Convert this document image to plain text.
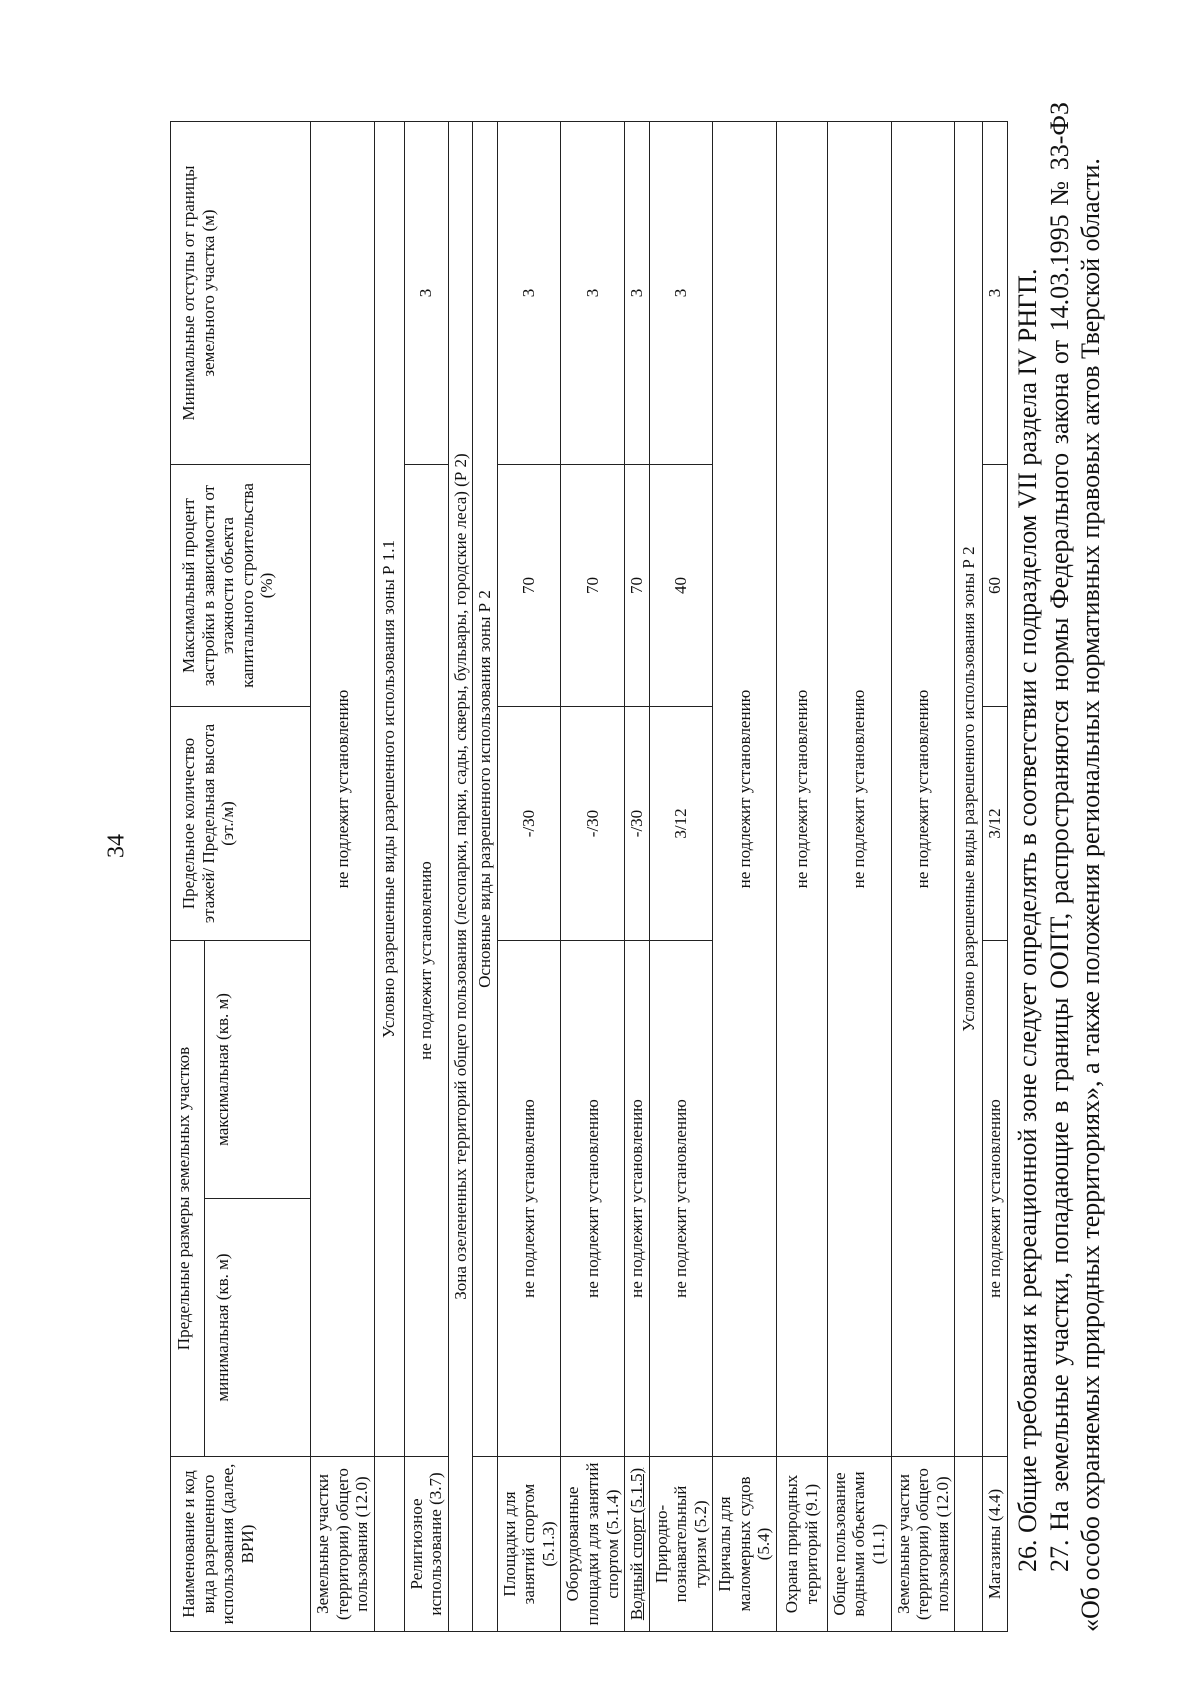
34
Наименование и код вида разрешенного использования (далее, ВРИ)	Предельные размеры земельных участков		Предельное количество этажей/ Предельная высота (эт./м)	Максимальный процент застройки в зависимости от этажности объекта капитального строительства (%)	Минимальные отступы от границы земельного участка (м)
	минимальная (кв. м)	максимальная (кв. м)			
Земельные участки (территории) общего пользования (12.0)	не подлежит установлению				
	Условно разрешенные виды разрешенного использования зоны Р 1.1				
Религиозное использование (3.7)	не подлежит установлению				3
Зона озелененных территорий общего пользования (лесопарки, парки, сады, скверы, бульвары, городские леса) (Р 2)					
	Основные виды разрешенного использования зоны Р 2				
Площадки для занятий спортом (5.1.3)	не подлежит установлению		-/30	70	3
Оборудованные площадки для занятий спортом (5.1.4)	не подлежит установлению		-/30	70	3
Водный спорт (5.1.5)	не подлежит установлению		-/30	70	3
Природно-познавательный туризм (5.2)	не подлежит установлению		3/12	40	3
Причалы для маломерных судов (5.4)	не подлежит установлению				
Охрана природных территорий (9.1)	не подлежит установлению				
Общее пользование водными объектами (11.1)	не подлежит установлению				
Земельные участки (территории) общего пользования (12.0)	не подлежит установлению				
	Условно разрешенные виды разрешенного использования зоны Р 2				
Магазины (4.4)	не подлежит установлению		3/12	60	3 26. Общие требования к рекреационной зоне следует определять в соответствии с подразделом VII раздела IV РНГП. 27. На земельные участки, попадающие в границы ООПТ, распространяются нормы Федерального закона от 14.03.1995 № 33-ФЗ «Об особо охраняемых природных территориях», а также положения региональных нормативных правовых актов Тверской области.
